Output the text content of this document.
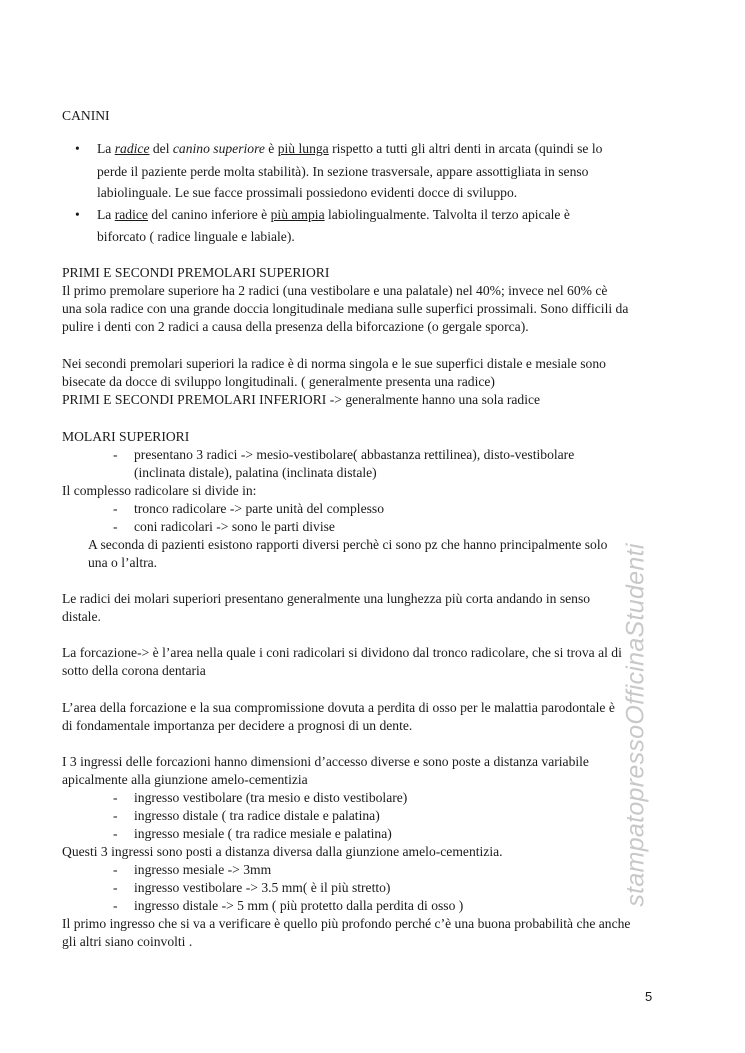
stampatopressoOfficinaStudenti
CANINI
• La radice del canino superiore è più lunga rispetto a tutti gli altri denti in arcata (quindi se lo
perde il paziente perde molta stabilità). In sezione trasversale, appare assottigliata in senso
labiolinguale. Le sue facce prossimali possiedono evidenti docce di sviluppo.
• La radice del canino inferiore è più ampia labiolingualmente. Talvolta il terzo apicale è
biforcato ( radice linguale e labiale).
PRIMI E SECONDI PREMOLARI SUPERIORI
Il primo premolare superiore ha 2 radici (una vestibolare e una palatale) nel 40%; invece nel 60% cè
una sola radice con una grande doccia longitudinale mediana sulle superfici prossimali. Sono difficili da
pulire i denti con 2 radici a causa della presenza della biforcazione (o gergale sporca).
Nei secondi premolari superiori la radice è di norma singola e le sue superfici distale e mesiale sono
bisecate da docce di sviluppo longitudinali. ( generalmente presenta una radice)
PRIMI E SECONDI PREMOLARI INFERIORI -> generalmente hanno una sola radice
MOLARI SUPERIORI
- presentano 3 radici -> mesio-vestibolare( abbastanza rettilinea), disto-vestibolare
(inclinata distale), palatina (inclinata distale)
Il complesso radicolare si divide in:
- tronco radicolare -> parte unità del complesso
- coni radicolari -> sono le parti divise
A seconda di pazienti esistono rapporti diversi perchè ci sono pz che hanno principalmente solo
una o l’altra.
Le radici dei molari superiori presentano generalmente una lunghezza più corta andando in senso
distale.
La forcazione-> è l’area nella quale i coni radicolari si dividono dal tronco radicolare, che si trova al di
sotto della corona dentaria
L’area della forcazione e la sua compromissione dovuta a perdita di osso per le malattia parodontale è
di fondamentale importanza per decidere a prognosi di un dente.
I 3 ingressi delle forcazioni hanno dimensioni d’accesso diverse e sono poste a distanza variabile
apicalmente alla giunzione amelo-cementizia
- ingresso vestibolare (tra mesio e disto vestibolare)
- ingresso distale ( tra radice distale e palatina)
- ingresso mesiale ( tra radice mesiale e palatina)
Questi 3 ingressi sono posti a distanza diversa dalla giunzione amelo-cementizia.
- ingresso mesiale -> 3mm
- ingresso vestibolare -> 3.5 mm( è il più stretto)
- ingresso distale -> 5 mm ( più protetto dalla perdita di osso )
Il primo ingresso che si va a verificare è quello più profondo perché c’è una buona probabilità che anche
gli altri siano coinvolti .
5
